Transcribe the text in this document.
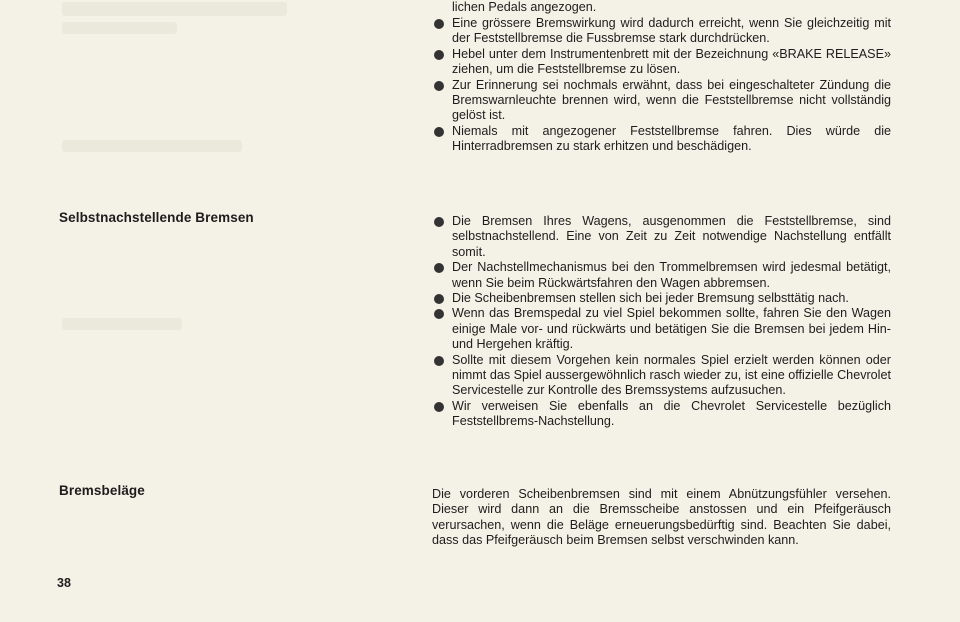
lichen Pedals angezogen.
Eine grössere Bremswirkung wird dadurch erreicht, wenn Sie gleichzeitig mit der Feststellbremse die Fussbremse stark durchdrücken.
Hebel unter dem Instrumentenbrett mit der Bezeichnung «BRAKE RELEASE» ziehen, um die Feststellbremse zu lösen.
Zur Erinnerung sei nochmals erwähnt, dass bei eingeschalteter Zündung die Bremswarnleuchte brennen wird, wenn die Feststellbremse nicht vollständig gelöst ist.
Niemals mit angezogener Feststellbremse fahren. Dies würde die Hinterradbremsen zu stark erhitzen und beschädigen.
Selbstnachstellende Bremsen	Die Bremsen Ihres Wagens, ausgenommen die Feststellbremse, sind selbstnachstellend. Eine von Zeit zu Zeit notwendige Nachstellung entfällt somit.
Der Nachstellmechanismus bei den Trommelbremsen wird jedesmal betätigt, wenn Sie beim Rückwärtsfahren den Wagen abbremsen.
Die Scheibenbremsen stellen sich bei jeder Bremsung selbsttätig nach.
Wenn das Bremspedal zu viel Spiel bekommen sollte, fahren Sie den Wagen einige Male vor- und rückwärts und betätigen Sie die Bremsen bei jedem Hin- und Hergehen kräftig.
Sollte mit diesem Vorgehen kein normales Spiel erzielt werden können oder nimmt das Spiel aussergewöhnlich rasch wieder zu, ist eine offizielle Chevrolet Servicestelle zur Kontrolle des Bremssystems aufzusuchen.
Wir verweisen Sie ebenfalls an die Chevrolet Servicestelle bezüglich Feststellbrems-Nachstellung.
Bremsbeläge	Die vorderen Scheibenbremsen sind mit einem Abnützungsfühler versehen. Dieser wird dann an die Bremsscheibe anstossen und ein Pfeifgeräusch verursachen, wenn die Beläge erneuerungsbedürftig sind. Beachten Sie dabei, dass das Pfeifgeräusch beim Bremsen selbst verschwinden kann.
38
